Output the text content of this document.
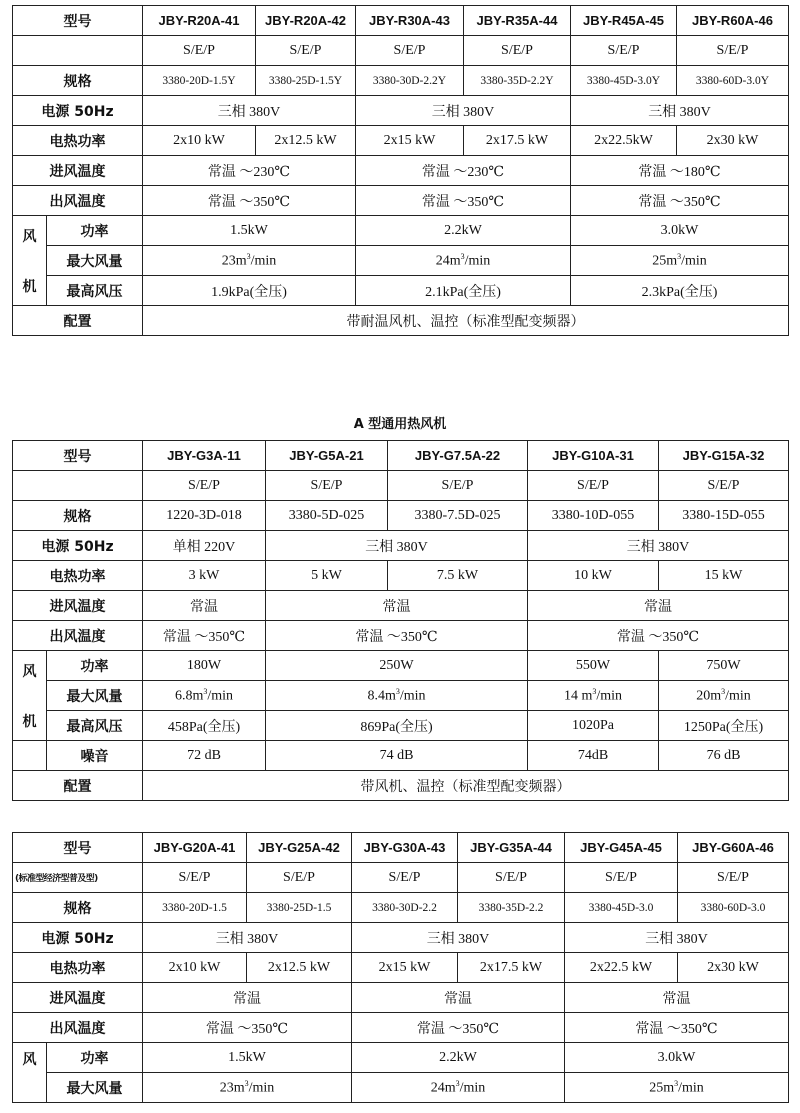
型号		JBY-R20A-41	JBY-R20A-42	JBY-R30A-43	JBY-R35A-44	JBY-R45A-45	JBY-R60A-46
		S/E/P	S/E/P	S/E/P	S/E/P	S/E/P	S/E/P
规格		3380-20D-1.5Y	3380-25D-1.5Y	3380-30D-2.2Y	3380-35D-2.2Y	3380-45D-3.0Y	3380-60D-3.0Y
电源 50Hz		三相 380V		三相 380V		三相 380V	
电热功率		2x10 kW	2x12.5 kW	2x15 kW	2x17.5 kW	2x22.5kW	2x30 kW
进风温度		常温 ～230℃		常温 ～230℃		常温 ～180℃	
出风温度		常温 ～350℃		常温 ～350℃		常温 ～350℃	

风
机	功率	1.5kW		2.2kW		3.0kW	
	最大风量	$23m^3/\min$		$24m^3/\min$		$25m^3/\min$	
	最高风压	1.9kPa(全压)		2.1kPa(全压)		2.3kPa(全压)	
配置		带耐温风机、温控（标准型配变频器）					
A 型通用热风机
型号		JBY-G3A-11	JBY-G5A-21	JBY-G7.5A-22	JBY-G10A-31	JBY-G15A-32
		S/E/P	S/E/P	S/E/P	S/E/P	S/E/P
规格		1220-3D-018	3380-5D-025	3380-7.5D-025	3380-10D-055	3380-15D-055
电源 50Hz		单相 220V	三相 380V		三相 380V	
电热功率		3 kW	5 kW	7.5 kW	10 kW	15 kW
进风温度		常温	常温		常温	
出风温度		常温 ～350℃	常温 ～350℃		常温 ～350℃	

风
机	功率	180W	250W		550W	750W
	最大风量	$6.8m^3/\min$	$8.4m^3/\min$		14 $m^3/\min$	$20m^3/\min$
	最高风压	458Pa(全压)	869Pa(全压)		1020Pa	1250Pa(全压)
	噪音	72 dB	74 dB		74dB	76 dB
配置		带风机、温控（标准型配变频器）				
型号		JBY-G20A-41	JBY-G25A-42	JBY-G30A-43	JBY-G35A-44	JBY-G45A-45	JBY-G60A-46
(标准型经济型普及型)		S/E/P	S/E/P	S/E/P	S/E/P	S/E/P	S/E/P
规格		3380-20D-1.5	3380-25D-1.5	3380-30D-2.2	3380-35D-2.2	3380-45D-3.0	3380-60D-3.0
电源 50Hz		三相 380V		三相 380V		三相 380V	
电热功率		2x10 kW	2x12.5 kW	2x15 kW	2x17.5 kW	2x22.5 kW	2x30 kW
进风温度		常温		常温		常温	
出风温度		常温 ～350℃		常温 ～350℃		常温 ～350℃	

风	功率	1.5kW		2.2kW		3.0kW	
	最大风量	$23m^3/\min$		$24m^3/\min$		$25m^3/\min$	
